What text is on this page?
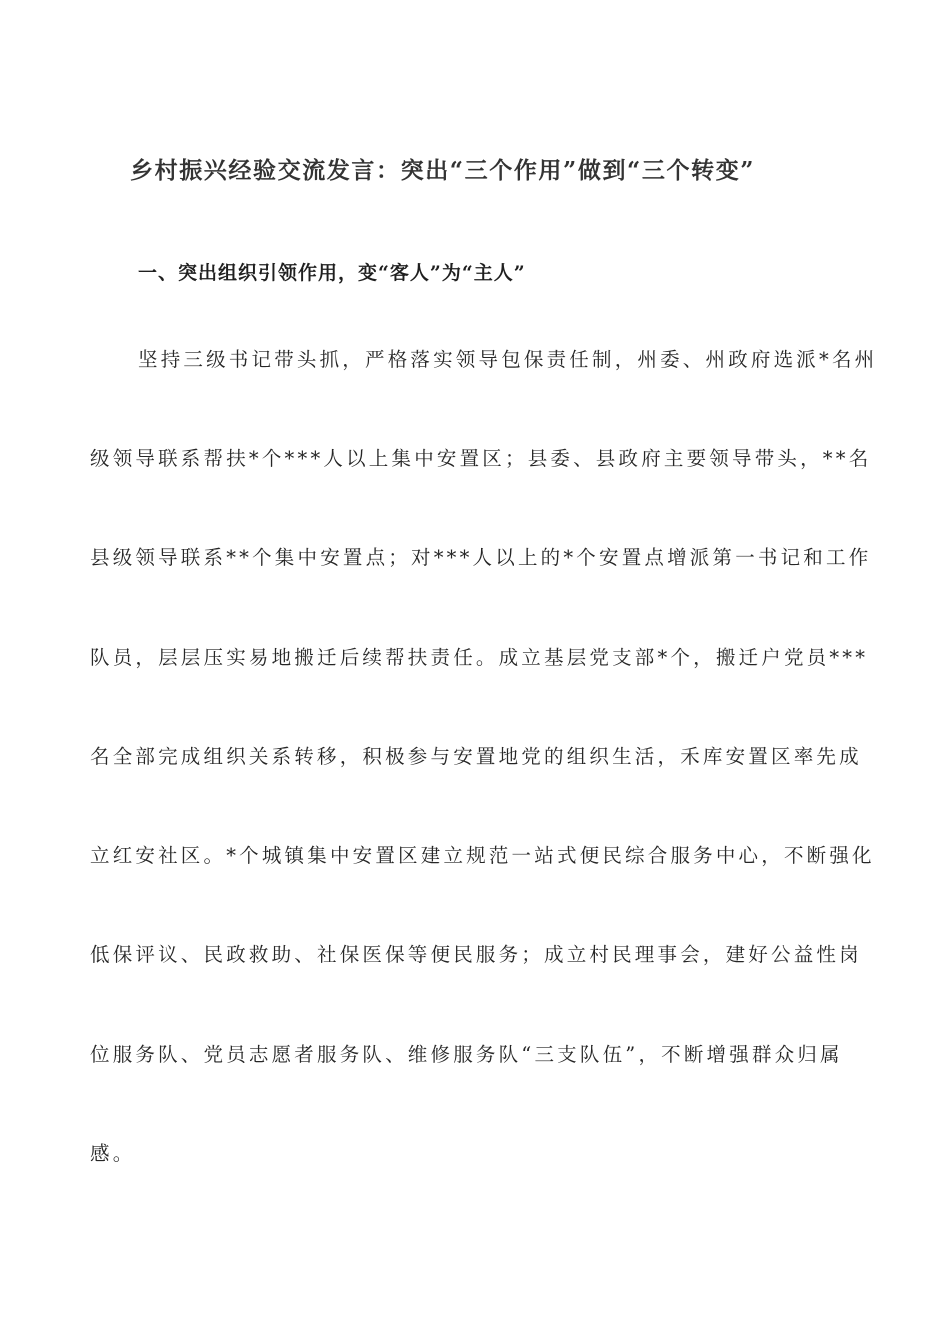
乡村振兴经验交流发言：突出“三个作用”做到“三个转变”
一、突出组织引领作用，变“客人”为“主人”
坚持三级书记带头抓，严格落实领导包保责任制，州委、州政府选派*名州
级领导联系帮扶*个***人以上集中安置区；县委、县政府主要领导带头，**名
县级领导联系**个集中安置点；对***人以上的*个安置点增派第一书记和工作
队员，层层压实易地搬迁后续帮扶责任。成立基层党支部*个，搬迁户党员***
名全部完成组织关系转移，积极参与安置地党的组织生活，禾库安置区率先成
立红安社区。*个城镇集中安置区建立规范一站式便民综合服务中心，不断强化
低保评议、民政救助、社保医保等便民服务；成立村民理事会，建好公益性岗
位服务队、党员志愿者服务队、维修服务队“三支队伍”，不断增强群众归属
感。
